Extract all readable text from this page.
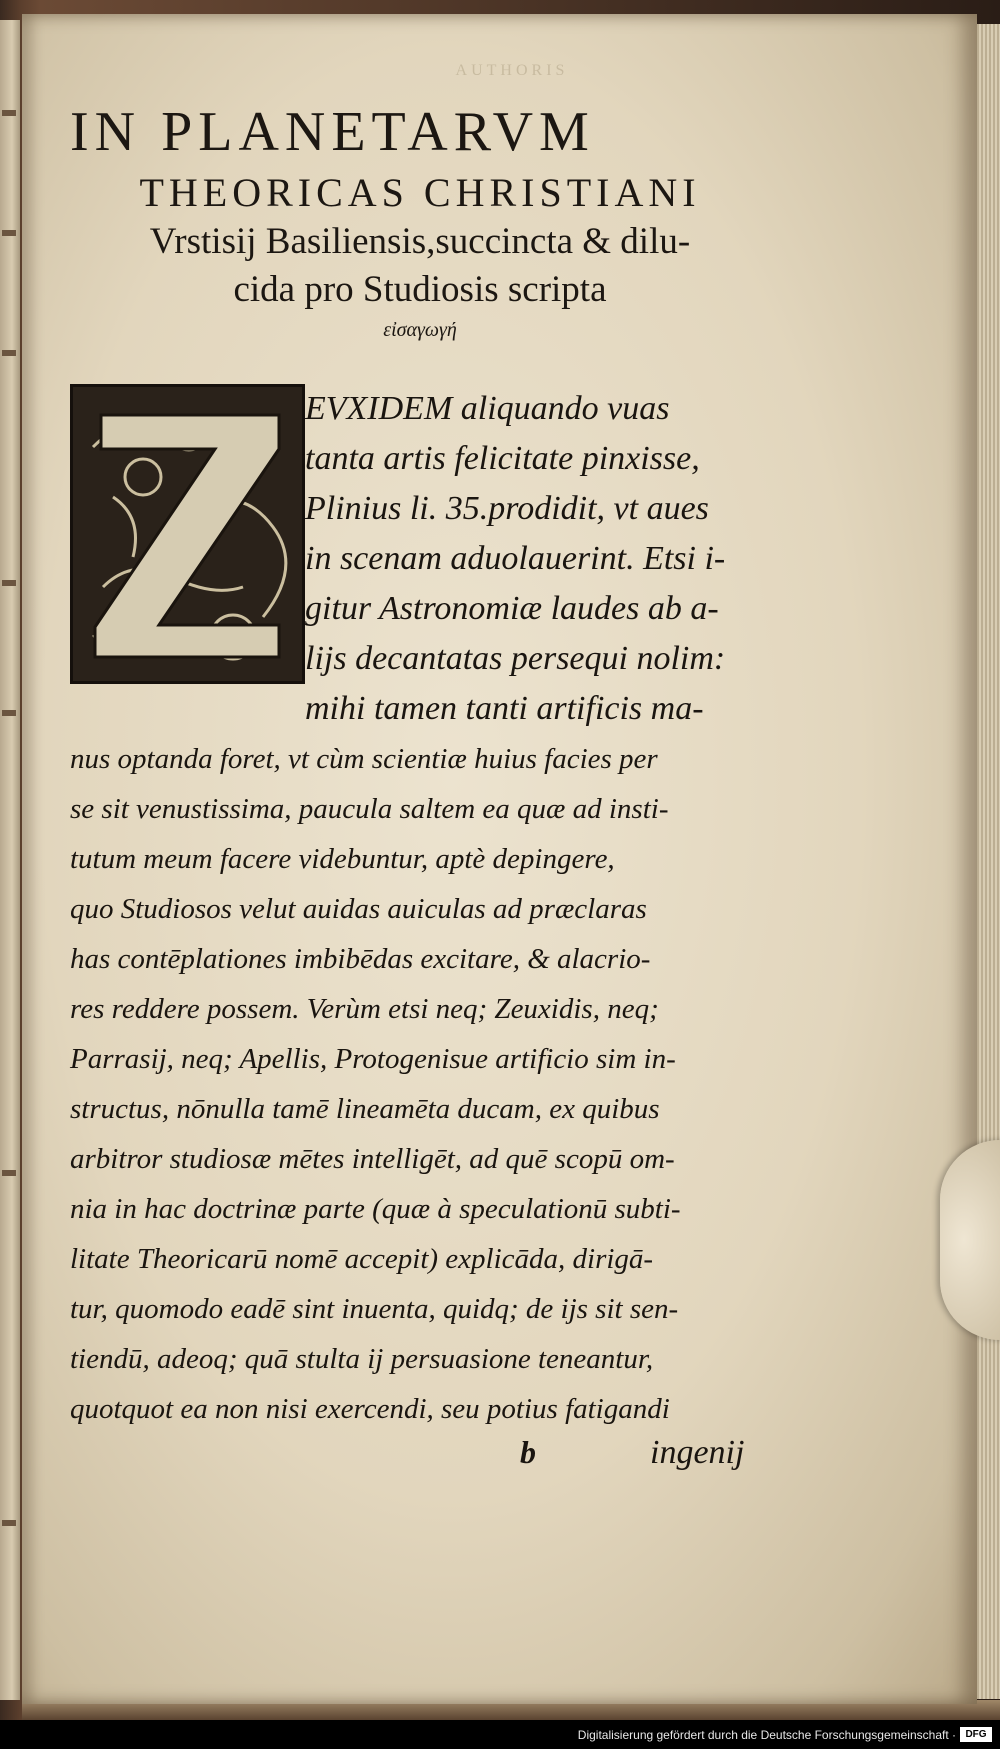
AUTHORIS
IN PLANETARVM
THEORICAS CHRISTIANI
Vrstisij Basiliensis,succincta & dilu-
cida pro Studiosis scripta
εἰσαγωγή
Z
EVXIDEM aliquando vuas
tanta artis felicitate pinxisse,
Plinius li. 35.prodidit, vt aues
in scenam aduolauerint. Etsi i-
gitur Astronomiæ laudes ab a-
lijs decantatas persequi nolim:
mihi tamen tanti artificis ma-
nus optanda foret, vt cùm scientiæ huius facies per
se sit venustissima, paucula saltem ea quæ ad insti-
tutum meum facere videbuntur, aptè depingere,
quo Studiosos velut auidas auiculas ad præclaras
has contēplationes imbibēdas excitare, & alacrio-
res reddere possem. Verùm etsi neq; Zeuxidis, neq;
Parrasij, neq; Apellis, Protogenisue artificio sim in-
structus, nōnulla tamē lineamēta ducam, ex quibus
arbitror studiosæ mētes intelligēt, ad quē scopū om-
nia in hac doctrinæ parte (quæ à speculationū subti-
litate Theoricarū nomē accepit) explicāda, dirigā-
tur, quomodo eadē sint inuenta, quidq; de ijs sit sen-
tiendū, adeoq; quā stulta ij persuasione teneantur,
quotquot ea non nisi exercendi, seu potius fatigandi
b	ingenij
Digitalisierung gefördert durch die Deutsche Forschungsgemeinschaft · DFG
